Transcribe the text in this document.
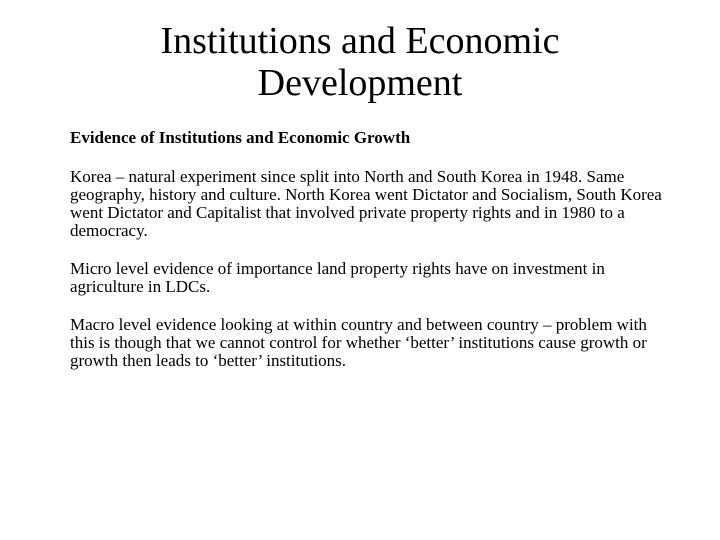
Institutions and Economic
Development

Evidence of Institutions and Economic Growth

Korea – natural experiment since split into North and South Korea in 1948. Same geography, history and culture. North Korea went Dictator and Socialism, South Korea went Dictator and Capitalist that involved private property rights and in 1980 to a democracy.

Micro level evidence of importance land property rights have on investment in agriculture in LDCs.

Macro level evidence looking at within country and between country – problem with this is though that we cannot control for whether ‘better’ institutions cause growth or growth then leads to ‘better’ institutions.
